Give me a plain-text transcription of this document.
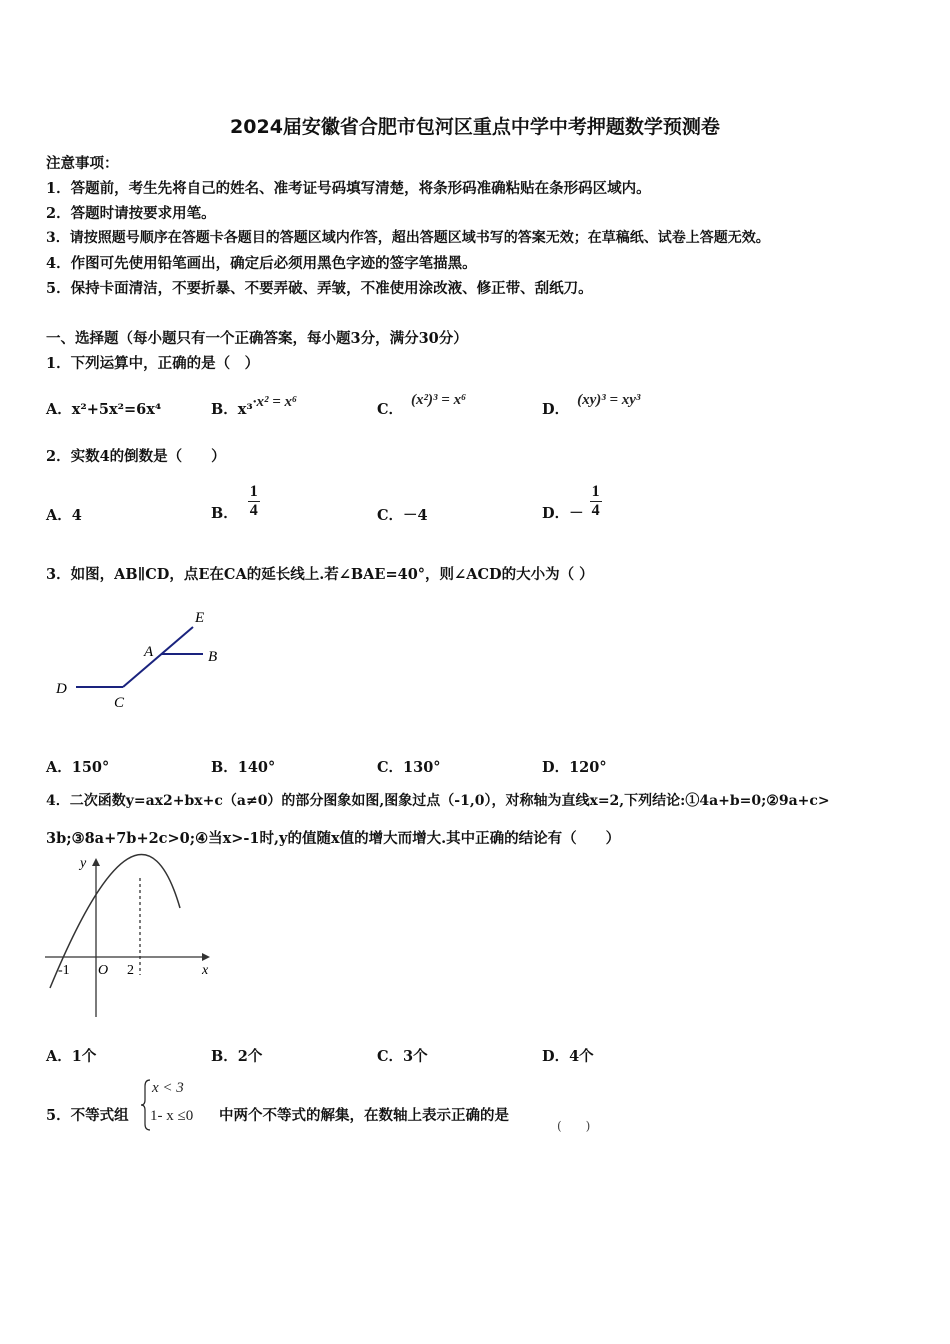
2024届安徽省合肥市包河区重点中学中考押题数学预测卷
注意事项：
1．答题前，考生先将自己的姓名、准考证号码填写清楚，将条形码准确粘贴在条形码区域内。
2．答题时请按要求用笔。
3．请按照题号顺序在答题卡各题目的答题区域内作答，超出答题区域书写的答案无效；在草稿纸、试卷上答题无效。
4．作图可先使用铅笔画出，确定后必须用黑色字迹的签字笔描黑。
5．保持卡面清洁，不要折暴、不要弄破、弄皱，不准使用涂改液、修正带、刮纸刀。
一、选择题（每小题只有一个正确答案，每小题3分，满分30分）
1．下列运算中，正确的是（　）
A．x²+5x²=6x⁴	B．x³·x² = x⁶	C．(x²)³ = x⁶
D．(xy)³ = xy³
2．实数4的倒数是（　　）
A．4	B． $\frac{1}{4}$	C．－4	D．－ $\frac{1}{4}$
3．如图，AB∥CD，点E在CA的延长线上.若∠BAE=40°，则∠ACD的大小为（ ）
E
A	B
D
C
A．150°	B．140°	C．130°	D．120°
4．二次函数y=ax2+bx+c（a≠0）的部分图象如图,图象过点（-1,0），对称轴为直线x=2,下列结论:①4a+b=0;②9a+c>
3b;③8a+7b+2c>0;④当x>-1时,y的值随x值的增大而增大.其中正确的结论有（　　）
y
x
-1 O 2
A．1个	B．2个	C．3个	D．4个
5．不等式组
x < 3
1- x ≤0 中两个不等式的解集，在数轴上表示正确的是
(　　)
